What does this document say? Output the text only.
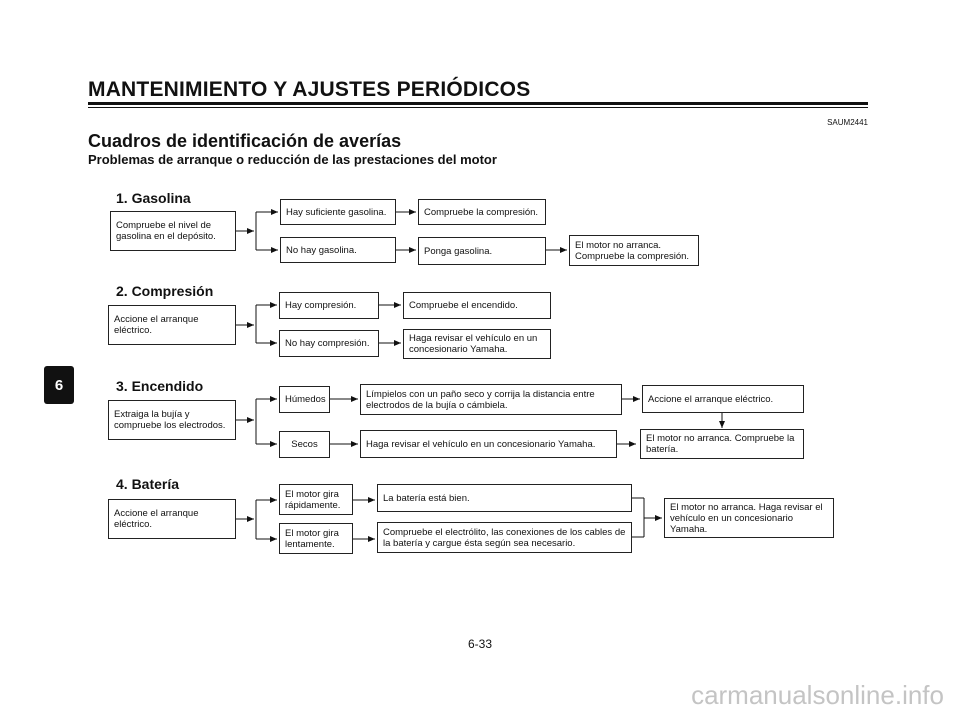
MANTENIMIENTO Y AJUSTES PERIÓDICOS
SAUM2441
Cuadros de identificación de averías
Problemas de arranque o reducción de las prestaciones del motor
6
1. Gasolina
Compruebe el nivel de gasolina en el depósito.
Hay suficiente gasolina.	Compruebe la compresión.
No hay gasolina.	Ponga gasolina.
El motor no arranca. Compruebe la compresión.
2. Compresión
Accione el arranque eléctrico.
Hay compresión.	Compruebe el encendido.
No hay compresión.	Haga revisar el vehículo en un concesionario Yamaha.
3. Encendido
Extraiga la bujía y compruebe los electrodos.
Húmedos	Límpielos con un paño seco y corrija la distancia entre electrodos de la bujía o cámbiela.
Accione el arranque eléctrico.
Secos	Haga revisar el vehículo en un concesionario Yamaha.	El motor no arranca. Compruebe la batería.
4. Batería
Accione el arranque eléctrico.
El motor gira rápidamente.
La batería está bien.
El motor gira lentamente.
Compruebe el electrólito, las conexiones de los cables de la batería y cargue ésta según sea necesario.
El motor no arranca. Haga revisar el vehículo en un concesionario Yamaha.
6-33
carmanualsonline.info
